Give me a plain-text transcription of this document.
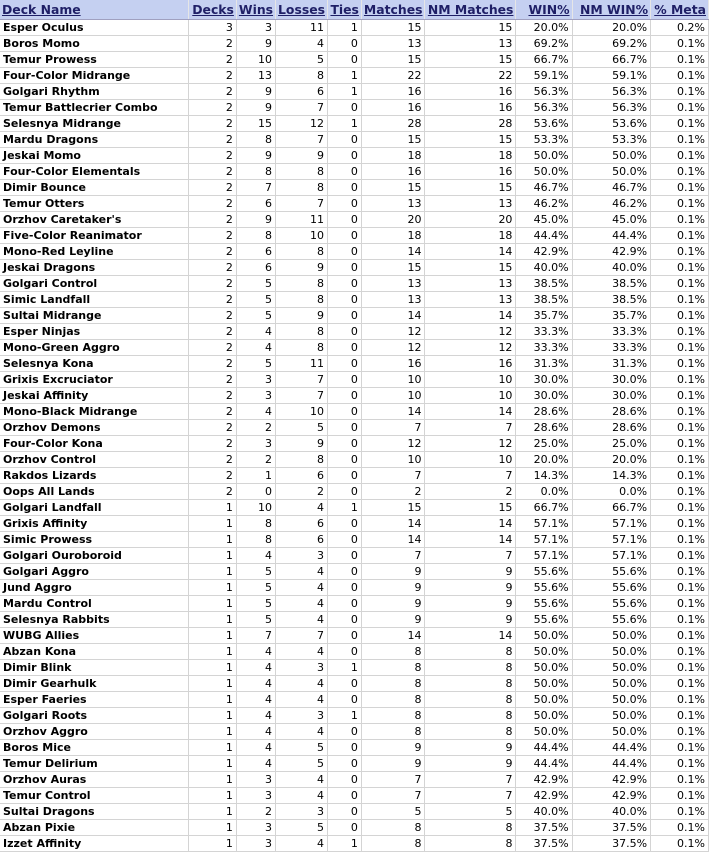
Deck Name	Decks	Wins	Losses	Ties	Matches	NM Matches	WIN%	NM WIN%	% Meta
Esper Oculus	3	3	11	1	15	15	20.0%	20.0%	0.2%
Boros Momo	2	9	4	0	13	13	69.2%	69.2%	0.1%
Temur Prowess	2	10	5	0	15	15	66.7%	66.7%	0.1%
Four-Color Midrange	2	13	8	1	22	22	59.1%	59.1%	0.1%
Golgari Rhythm	2	9	6	1	16	16	56.3%	56.3%	0.1%
Temur Battlecrier Combo	2	9	7	0	16	16	56.3%	56.3%	0.1%
Selesnya Midrange	2	15	12	1	28	28	53.6%	53.6%	0.1%
Mardu Dragons	2	8	7	0	15	15	53.3%	53.3%	0.1%
Jeskai Momo	2	9	9	0	18	18	50.0%	50.0%	0.1%
Four-Color Elementals	2	8	8	0	16	16	50.0%	50.0%	0.1%
Dimir Bounce	2	7	8	0	15	15	46.7%	46.7%	0.1%
Temur Otters	2	6	7	0	13	13	46.2%	46.2%	0.1%
Orzhov Caretaker's	2	9	11	0	20	20	45.0%	45.0%	0.1%
Five-Color Reanimator	2	8	10	0	18	18	44.4%	44.4%	0.1%
Mono-Red Leyline	2	6	8	0	14	14	42.9%	42.9%	0.1%
Jeskai Dragons	2	6	9	0	15	15	40.0%	40.0%	0.1%
Golgari Control	2	5	8	0	13	13	38.5%	38.5%	0.1%
Simic Landfall	2	5	8	0	13	13	38.5%	38.5%	0.1%
Sultai Midrange	2	5	9	0	14	14	35.7%	35.7%	0.1%
Esper Ninjas	2	4	8	0	12	12	33.3%	33.3%	0.1%
Mono-Green Aggro	2	4	8	0	12	12	33.3%	33.3%	0.1%
Selesnya Kona	2	5	11	0	16	16	31.3%	31.3%	0.1%
Grixis Excruciator	2	3	7	0	10	10	30.0%	30.0%	0.1%
Jeskai Affinity	2	3	7	0	10	10	30.0%	30.0%	0.1%
Mono-Black Midrange	2	4	10	0	14	14	28.6%	28.6%	0.1%
Orzhov Demons	2	2	5	0	7	7	28.6%	28.6%	0.1%
Four-Color Kona	2	3	9	0	12	12	25.0%	25.0%	0.1%
Orzhov Control	2	2	8	0	10	10	20.0%	20.0%	0.1%
Rakdos Lizards	2	1	6	0	7	7	14.3%	14.3%	0.1%
Oops All Lands	2	0	2	0	2	2	0.0%	0.0%	0.1%
Golgari Landfall	1	10	4	1	15	15	66.7%	66.7%	0.1%
Grixis Affinity	1	8	6	0	14	14	57.1%	57.1%	0.1%
Simic Prowess	1	8	6	0	14	14	57.1%	57.1%	0.1%
Golgari Ouroboroid	1	4	3	0	7	7	57.1%	57.1%	0.1%
Golgari Aggro	1	5	4	0	9	9	55.6%	55.6%	0.1%
Jund Aggro	1	5	4	0	9	9	55.6%	55.6%	0.1%
Mardu Control	1	5	4	0	9	9	55.6%	55.6%	0.1%
Selesnya Rabbits	1	5	4	0	9	9	55.6%	55.6%	0.1%
WUBG Allies	1	7	7	0	14	14	50.0%	50.0%	0.1%
Abzan Kona	1	4	4	0	8	8	50.0%	50.0%	0.1%
Dimir Blink	1	4	3	1	8	8	50.0%	50.0%	0.1%
Dimir Gearhulk	1	4	4	0	8	8	50.0%	50.0%	0.1%
Esper Faeries	1	4	4	0	8	8	50.0%	50.0%	0.1%
Golgari Roots	1	4	3	1	8	8	50.0%	50.0%	0.1%
Orzhov Aggro	1	4	4	0	8	8	50.0%	50.0%	0.1%
Boros Mice	1	4	5	0	9	9	44.4%	44.4%	0.1%
Temur Delirium	1	4	5	0	9	9	44.4%	44.4%	0.1%
Orzhov Auras	1	3	4	0	7	7	42.9%	42.9%	0.1%
Temur Control	1	3	4	0	7	7	42.9%	42.9%	0.1%
Sultai Dragons	1	2	3	0	5	5	40.0%	40.0%	0.1%
Abzan Pixie	1	3	5	0	8	8	37.5%	37.5%	0.1%
Izzet Affinity	1	3	4	1	8	8	37.5%	37.5%	0.1%
